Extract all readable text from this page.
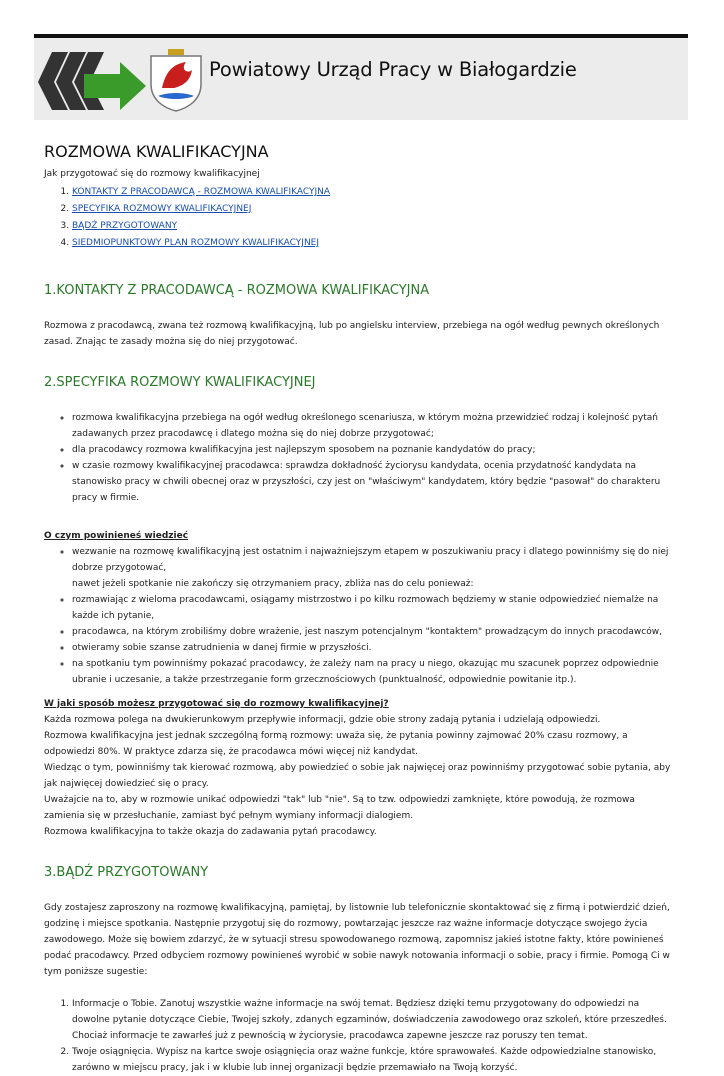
Powiatowy Urząd Pracy w Białogardzie
ROZMOWA KWALIFIKACYJNA

Jak przygotować się do rozmowy kwalifikacyjnej

1. KONTAKTY Z PRACODAWCĄ - ROZMOWA KWALIFIKACYJNA
2. SPECYFIKA ROZMOWY KWALIFIKACYJNEJ
3. BĄDŹ PRZYGOTOWANY
4. SIEDMIOPUNKTOWY PLAN ROZMOWY KWALIFIKACYJNEJ
1.KONTAKTY Z PRACODAWCĄ - ROZMOWA KWALIFIKACYJNA

Rozmowa z pracodawcą, zwana też rozmową kwalifikacyjną, lub po angielsku interview, przebiega na ogół według pewnych określonych zasad. Znając te zasady można się do niej przygotować.

2.SPECYFIKA ROZMOWY KWALIFIKACYJNEJ
◦ rozmowa kwalifikacyjna przebiega na ogół według określonego scenariusza, w którym można przewidzieć rodzaj i kolejność pytań zadawanych przez pracodawcę i dlatego można się do niej dobrze przygotować;
◦ dla pracodawcy rozmowa kwalifikacyjna jest najlepszym sposobem na poznanie kandydatów do pracy;
◦ w czasie rozmowy kwalifikacyjnej pracodawca: sprawdza dokładność życiorysu kandydata, ocenia przydatność kandydata na stanowisko pracy w chwili obecnej oraz w przyszłości, czy jest on "właściwym" kandydatem, który będzie "pasował" do charakteru pracy w firmie.

O czym powinieneś wiedzieć

◦ wezwanie na rozmowę kwalifikacyjną jest ostatnim i najważniejszym etapem w poszukiwaniu pracy i dlatego powinniśmy się do niej dobrze przygotować,
nawet jeżeli spotkanie nie zakończy się otrzymaniem pracy, zbliża nas do celu ponieważ:
◦ rozmawiając z wieloma pracodawcami, osiągamy mistrzostwo i po kilku rozmowach będziemy w stanie odpowiedzieć niemalże na każde ich pytanie,
◦ pracodawca, na którym zrobiliśmy dobre wrażenie, jest naszym potencjalnym "kontaktem" prowadzącym do innych pracodawców,
◦ otwieramy sobie szanse zatrudnienia w danej firmie w przyszłości.
◦ na spotkaniu tym powinniśmy pokazać pracodawcy, że zależy nam na pracy u niego, okazując mu szacunek poprzez odpowiednie ubranie i uczesanie, a także przestrzeganie form grzecznościowych (punktualność, odpowiednie powitanie itp.).

W jaki sposób możesz przygotować się do rozmowy kwalifikacyjnej?

Każda rozmowa polega na dwukierunkowym przepływie informacji, gdzie obie strony zadają pytania i udzielają odpowiedzi.

Rozmowa kwalifikacyjna jest jednak szczególną formą rozmowy: uważa się, że pytania powinny zajmować 20% czasu rozmowy, a odpowiedzi 80%. W praktyce zdarza się, że pracodawca mówi więcej niż kandydat.

Wiedząc o tym, powinniśmy tak kierować rozmową, aby powiedzieć o sobie jak najwięcej oraz powinniśmy przygotować sobie pytania, aby jak najwięcej dowiedzieć się o pracy.

Uważajcie na to, aby w rozmowie unikać odpowiedzi "tak" lub "nie". Są to tzw. odpowiedzi zamknięte, które powodują, że rozmowa zamienia się w przesłuchanie, zamiast być pełnym wymiany informacji dialogiem.

Rozmowa kwalifikacyjna to także okazja do zadawania pytań pracodawcy.

3.BĄDŹ PRZYGOTOWANY

Gdy zostajesz zaproszony na rozmowę kwalifikacyjną, pamiętaj, by listownie lub telefonicznie skontaktować się z firmą i potwierdzić dzień, godzinę i miejsce spotkania. Następnie przygotuj się do rozmowy, powtarzając jeszcze raz ważne informacje dotyczące swojego życia zawodowego. Może się bowiem zdarzyć, że w sytuacji stresu spowodowanego rozmową, zapomnisz jakieś istotne fakty, które powinieneś podać pracodawcy. Przed odbyciem rozmowy powinieneś wyrobić w sobie nawyk notowania informacji o sobie, pracy i firmie. Pomogą Ci w tym poniższe sugestie:

1. Informacje o Tobie. Zanotuj wszystkie ważne informacje na swój temat. Będziesz dzięki temu przygotowany do odpowiedzi na dowolne pytanie dotyczące Ciebie, Twojej szkoły, zdanych egzaminów, doświadczenia zawodowego oraz szkoleń, które przeszedłeś. Chociaż informacje te zawarłeś już z pewnością w życiorysie, pracodawca zapewne jeszcze raz poruszy ten temat.
2. Twoje osiągnięcia. Wypisz na kartce swoje osiągnięcia oraz ważne funkcje, które sprawowałeś. Każde odpowiedzialne stanowisko, zarówno w miejscu pracy, jak i w klubie lub innej organizacji będzie przemawiało na Twoją korzyść.
